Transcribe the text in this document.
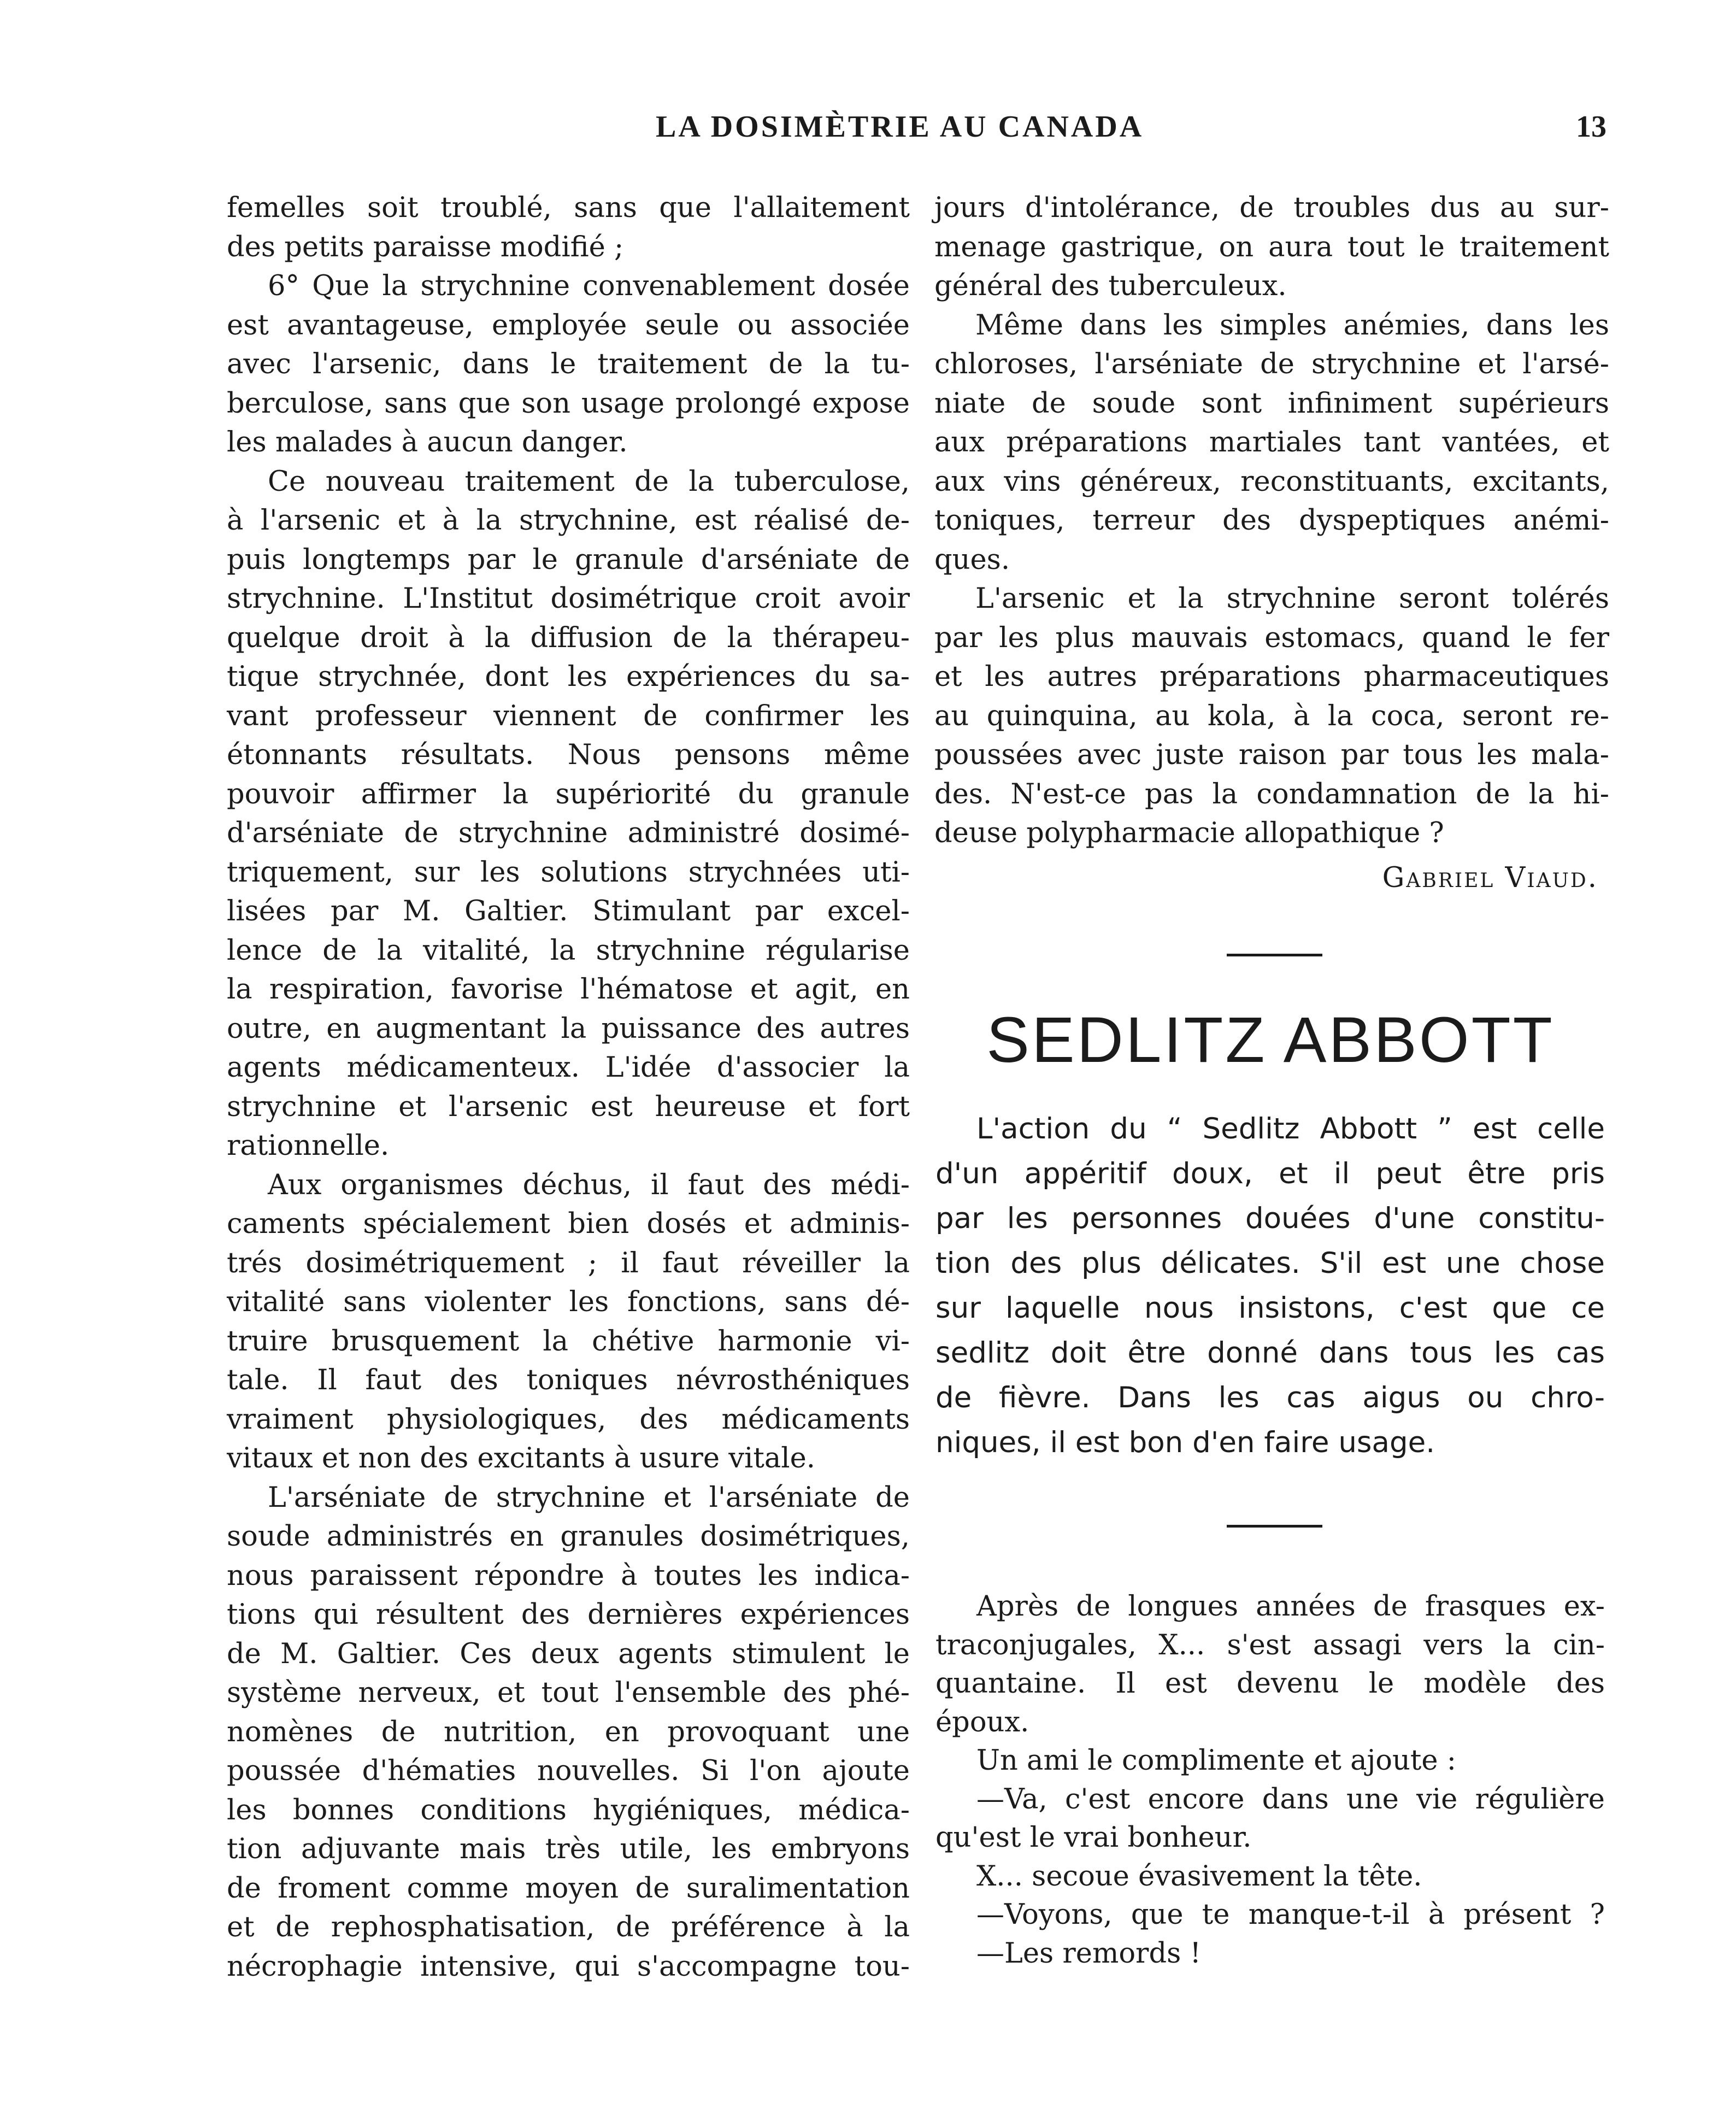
LA DOSIMÈTRIE AU CANADA	13
femelles soit troublé, sans que l'allaitement
des petits paraisse modifié ;
6° Que la strychnine convenablement dosée
est avantageuse, employée seule ou associée
avec l'arsenic, dans le traitement de la tu-
berculose, sans que son usage prolongé expose
les malades à aucun danger.
Ce nouveau traitement de la tuberculose,
à l'arsenic et à la strychnine, est réalisé de-
puis longtemps par le granule d'arséniate de
strychnine. L'Institut dosimétrique croit avoir
quelque droit à la diffusion de la thérapeu-
tique strychnée, dont les expériences du sa-
vant professeur viennent de confirmer les
étonnants résultats. Nous pensons même
pouvoir affirmer la supériorité du granule
d'arséniate de strychnine administré dosimé-
triquement, sur les solutions strychnées uti-
lisées par M. Galtier. Stimulant par excel-
lence de la vitalité, la strychnine régularise
la respiration, favorise l'hématose et agit, en
outre, en augmentant la puissance des autres
agents médicamenteux. L'idée d'associer la
strychnine et l'arsenic est heureuse et fort
rationnelle.
Aux organismes déchus, il faut des médi-
caments spécialement bien dosés et adminis-
trés dosimétriquement ; il faut réveiller la
vitalité sans violenter les fonctions, sans dé-
truire brusquement la chétive harmonie vi-
tale. Il faut des toniques névrosthéniques
vraiment physiologiques, des médicaments
vitaux et non des excitants à usure vitale.
L'arséniate de strychnine et l'arséniate de
soude administrés en granules dosimétriques,
nous paraissent répondre à toutes les indica-
tions qui résultent des dernières expériences
de M. Galtier. Ces deux agents stimulent le
système nerveux, et tout l'ensemble des phé-
nomènes de nutrition, en provoquant une
poussée d'hématies nouvelles. Si l'on ajoute
les bonnes conditions hygiéniques, médica-
tion adjuvante mais très utile, les embryons
de froment comme moyen de suralimentation
et de rephosphatisation, de préférence à la
nécrophagie intensive, qui s'accompagne tou-
jours d'intolérance, de troubles dus au sur-
menage gastrique, on aura tout le traitement
général des tuberculeux.
Même dans les simples anémies, dans les
chloroses, l'arséniate de strychnine et l'arsé-
niate de soude sont infiniment supérieurs
aux préparations martiales tant vantées, et
aux vins généreux, reconstituants, excitants,
toniques, terreur des dyspeptiques anémi-
ques.
L'arsenic et la strychnine seront tolérés
par les plus mauvais estomacs, quand le fer
et les autres préparations pharmaceutiques
au quinquina, au kola, à la coca, seront re-
poussées avec juste raison par tous les mala-
des. N'est-ce pas la condamnation de la hi-
deuse polypharmacie allopathique ?
Gabriel Viaud.
SEDLITZ ABBOTT
L'action du “ Sedlitz Abbott ” est celle
d'un appéritif doux, et il peut être pris
par les personnes douées d'une constitu-
tion des plus délicates. S'il est une chose
sur laquelle nous insistons, c'est que ce
sedlitz doit être donné dans tous les cas
de fièvre. Dans les cas aigus ou chro-
niques, il est bon d'en faire usage.
Après de longues années de frasques ex-
traconjugales, X... s'est assagi vers la cin-
quantaine. Il est devenu le modèle des
époux.
Un ami le complimente et ajoute :
—Va, c'est encore dans une vie régulière
qu'est le vrai bonheur.
X... secoue évasivement la tête.
—Voyons, que te manque-t-il à présent ?
—Les remords !
